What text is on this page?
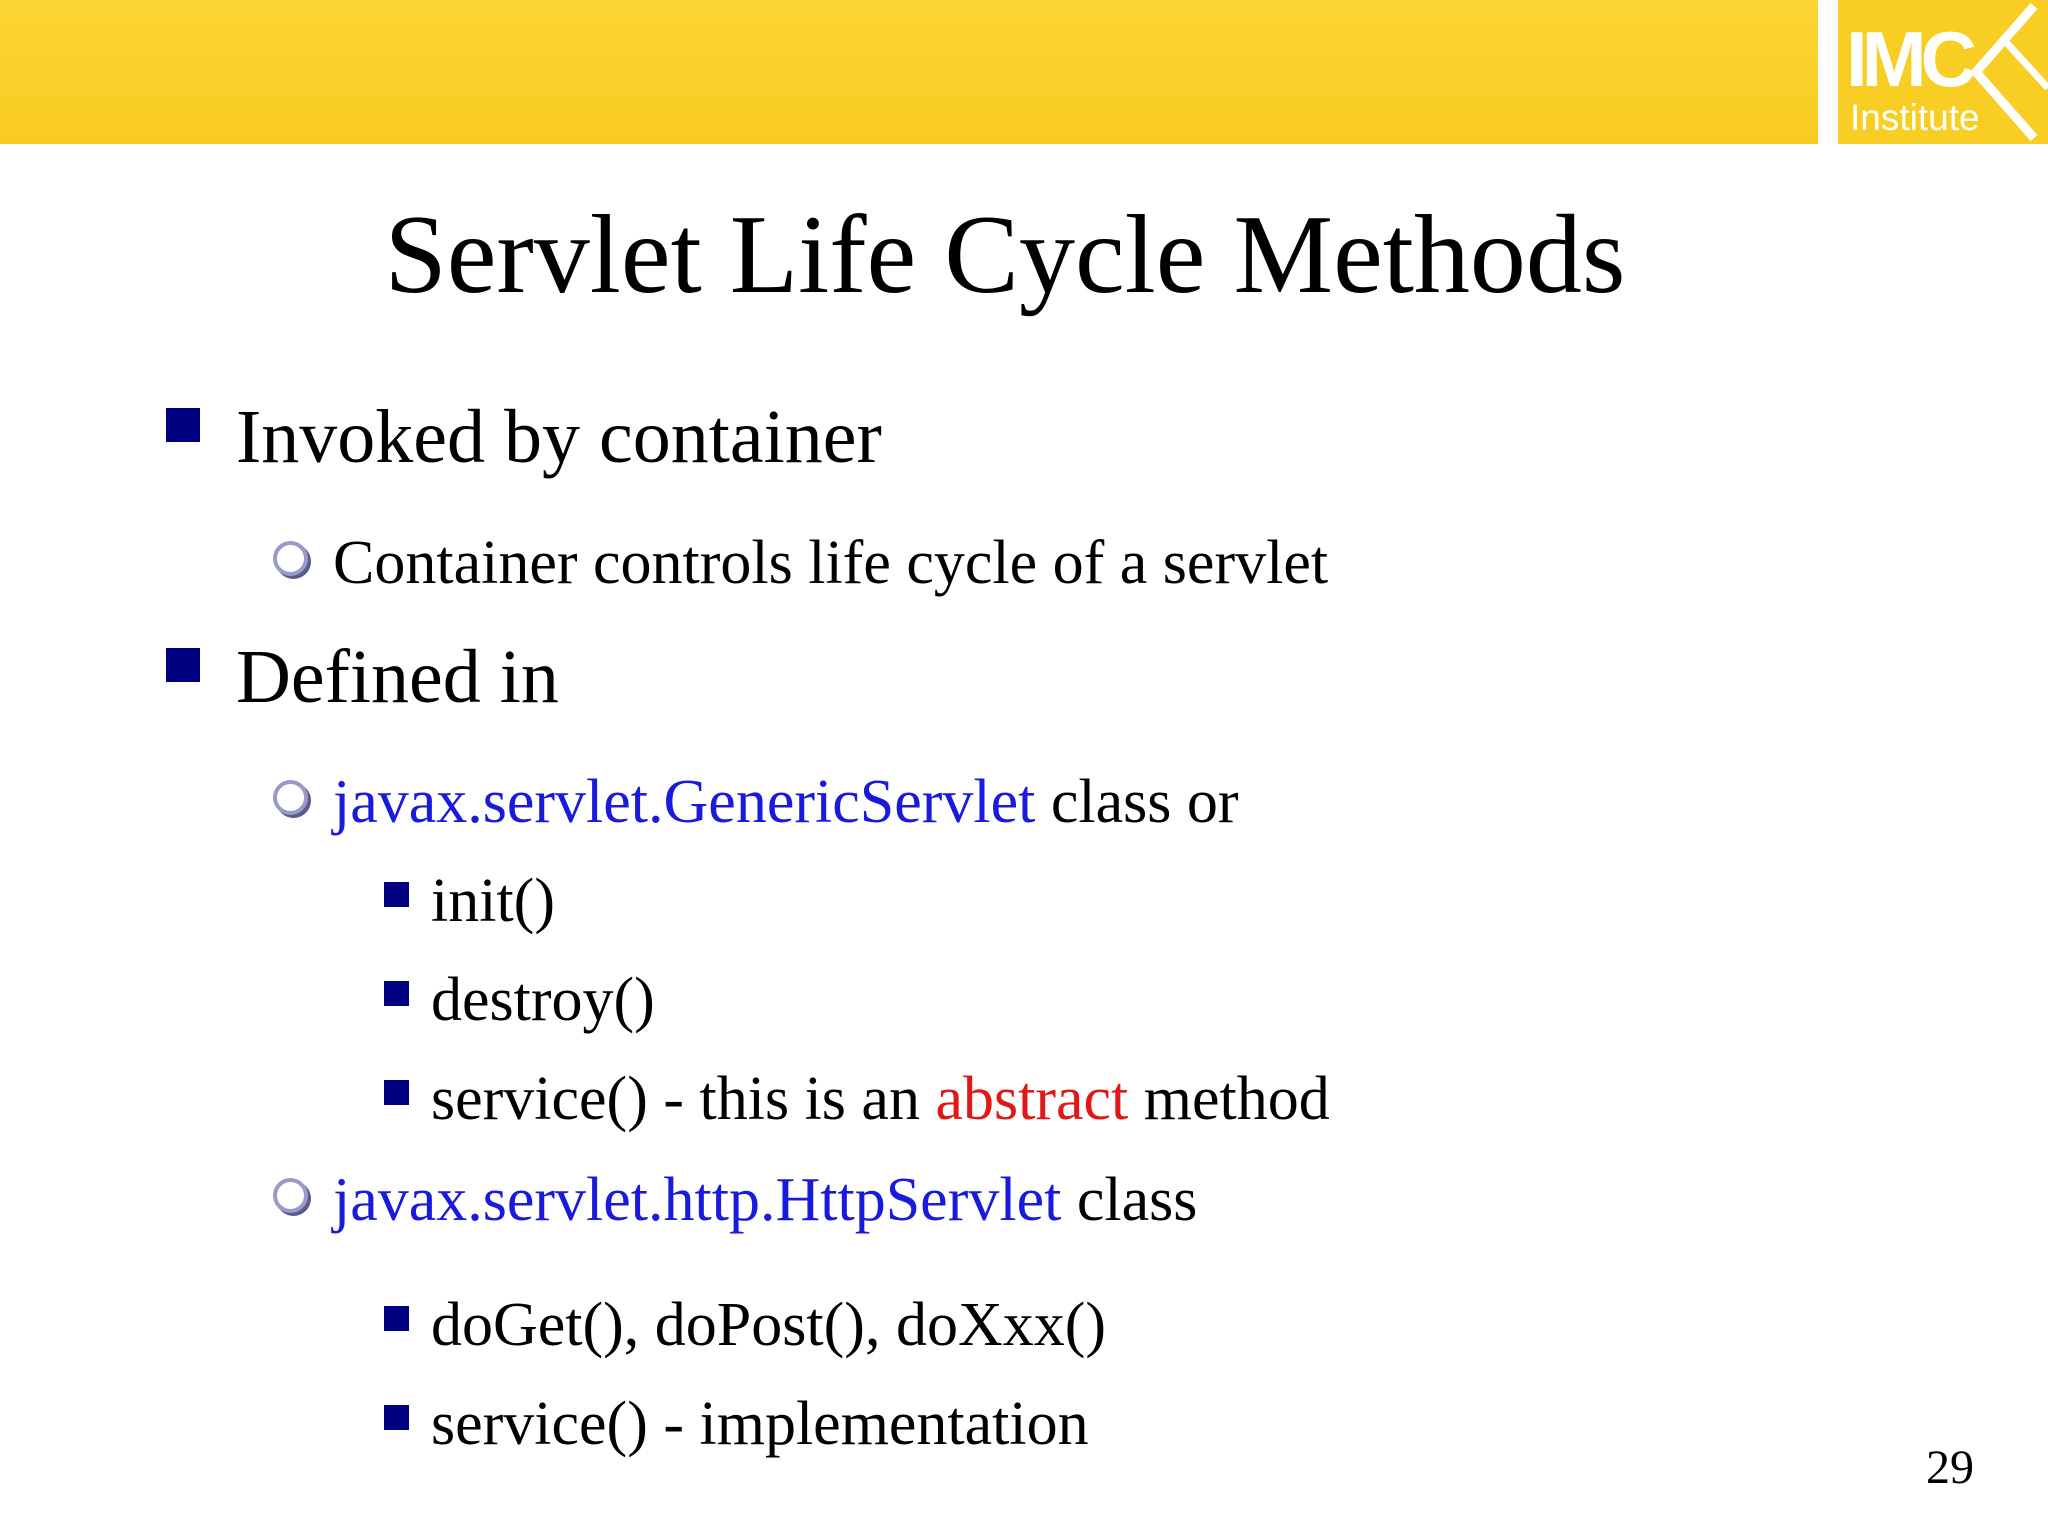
IMC
Institute
Servlet Life Cycle Methods
Invoked by container
Container controls life cycle of a servlet
Defined in
javax.servlet.GenericServlet class or
init()
destroy()
service() - this is an abstract method
javax.servlet.http.HttpServlet class
doGet(), doPost(), doXxx()
service() - implementation
29
